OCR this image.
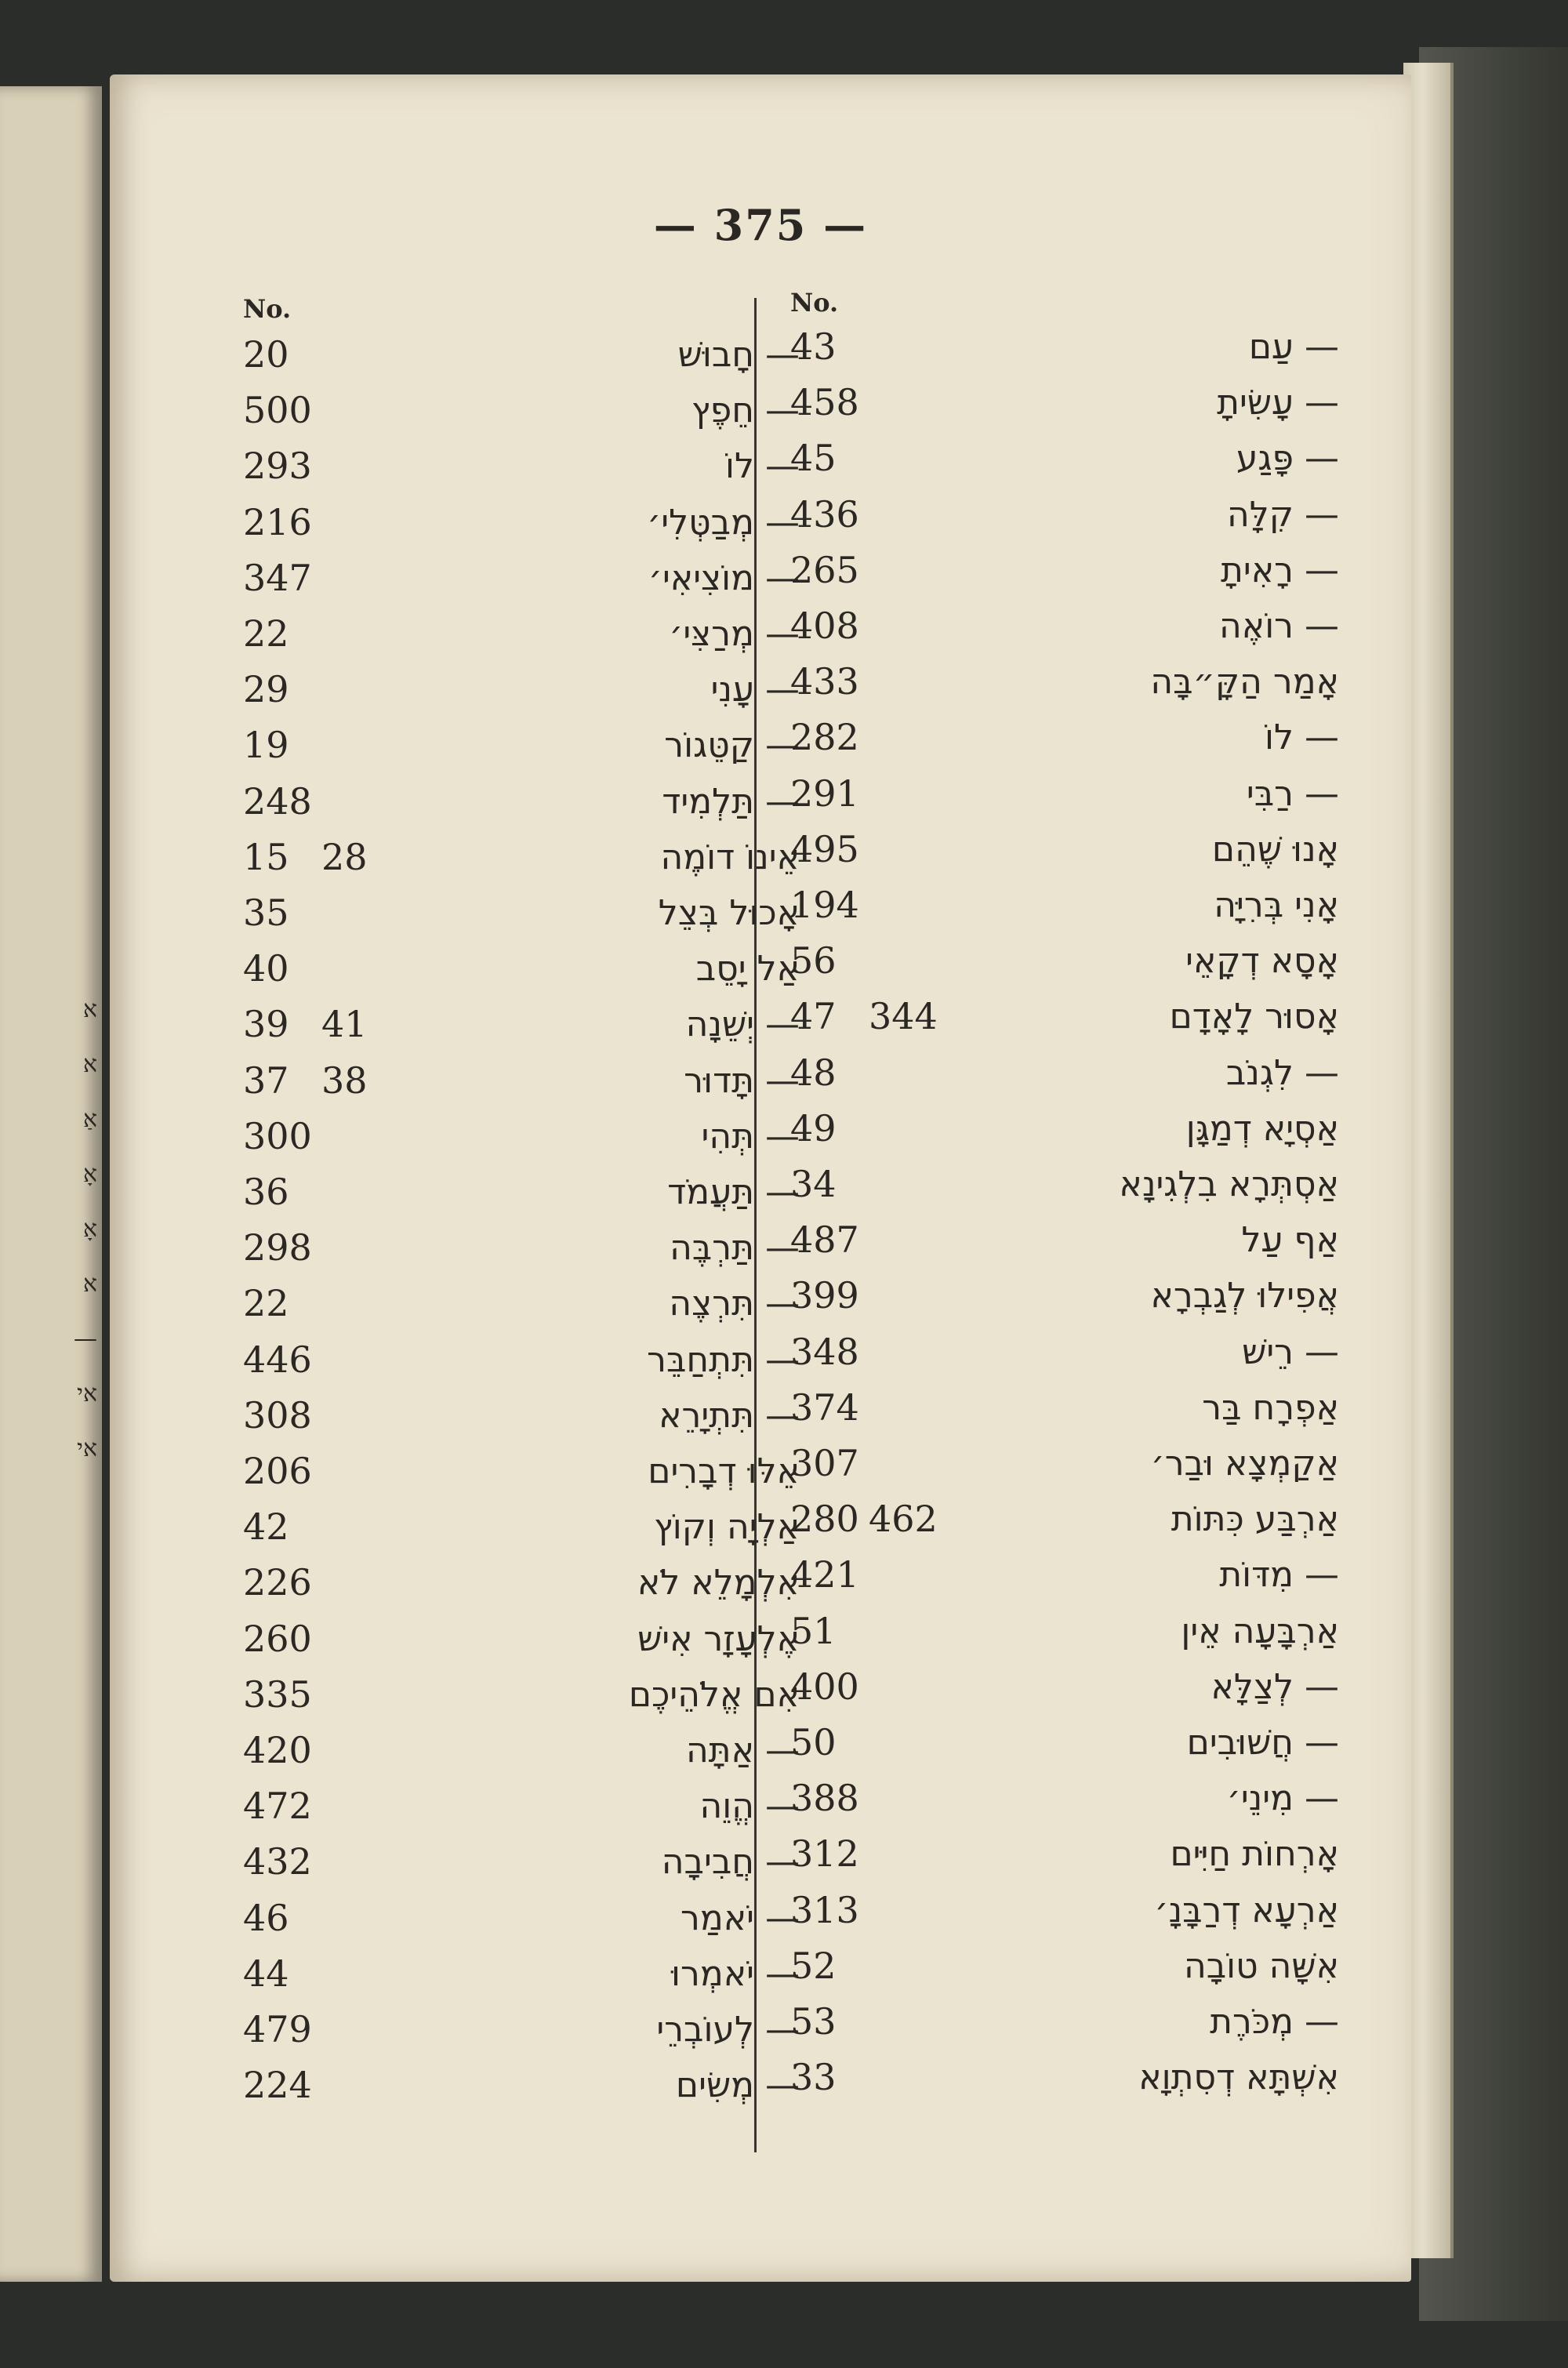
א
א
אַ
אָ
אָ
א
—
אי
אי
— 375 —
No.	No.
20	— חָבוּשׁ
500	— חֵפֶץ
293	— לוֹ
216	— מְבַטְּלִי׳
347	— מוֹצִיאִי׳
22	— מְרַצִּי׳
29	— עָנִי
19	— קַטֵּגוֹר
248	— תַּלְמִיד
15 28	אֵינוֹ דוֹמֶה
35	אָכוּל בְּצֵל
40	אַל יָסֵב
39 41	— יְשֵׁנָה
37 38	— תָּדוּר
300	— תְּהִי
36	— תַּעֲמֹד
298	— תַּרְבֶּה
22	— תִּרְצֶה
446	— תִּתְחַבֵּר
308	— תִּתְיָרֵא
206	אֵלּוּ דְבָרִים
42	אַלְיָה וְקוֹץ
226	אִלְמָלֵא לֹא
260	אֶלְעָזָר אִישׁ
335	אִם אֱלֹהֵיכֶם
420	— אַתָּה
472	— הֱוֵה
432	— חֲבִיבָה
46	— יֹאמַר
44	— יֹאמְרוּ
479	— לְעוֹבְרֵי
224	— מְשִׂים
43	— עַם
458	— עָשִׂיתָ
45	— פָּגַע
436	— קִלָּה
265	— רָאִיתָ
408	— רוֹאֶה
433	אָמַר הַקָּ״בָּה
282	— לוֹ
291	— רַבִּי
495	אָנוּ שֶׁהֵם
194	אָנִי בְּרִיָּה
56	אָסָא דְקָאֵי
47 344	אָסוּר לָאָדָם
48	— לִגְנֹב
49	אַסְיָא דְמַגָּן
34	אַסְתְּרָא בִלְגִינָא
487	אַף עַל
399	אֲפִילוּ לְגַבְרָא
348	— רֵישׁ
374	אַפְרָח בַּר
307	אַקַמְצָא וּבַר׳
280 462	אַרְבַּע כִּתּוֹת
421	— מִדּוֹת
51	אַרְבָּעָה אֵין
400	— לְצַלָּא
50	— חֲשׁוּבִים
388	— מִינֵי׳
312	אָרְחוֹת חַיִּים
313	אַרְעָא דְרַבָּנָ׳
52	אִשָּׁה טוֹבָה
53	— מְכֹּרֶת
33	אִשְׁתָּא דְסִתְוָא
